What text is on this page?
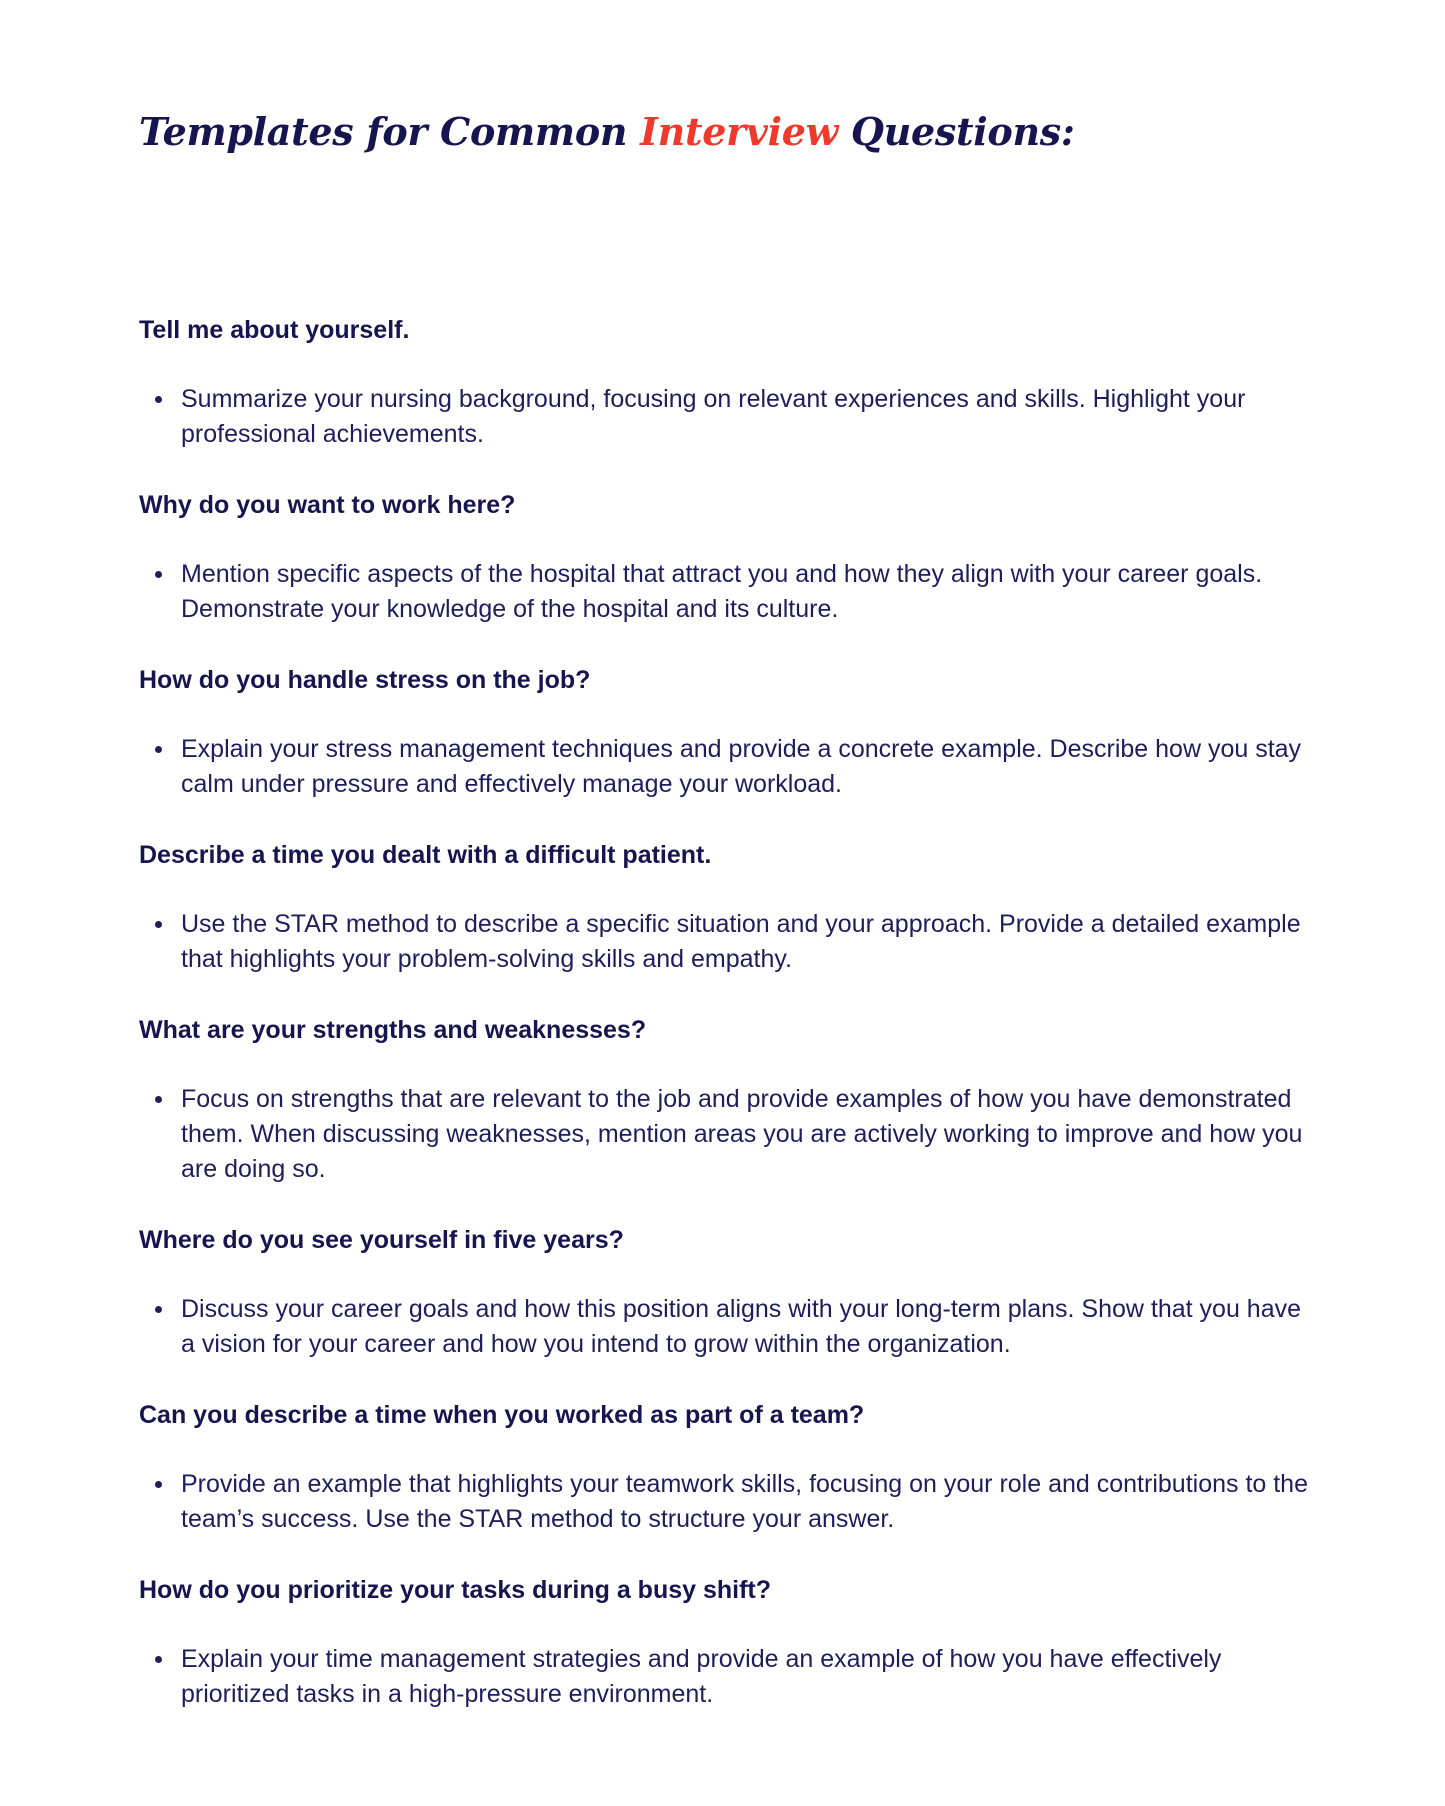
Templates for Common Interview Questions:
Tell me about yourself.
Summarize your nursing background, focusing on relevant experiences and skills. Highlight your professional achievements.
Why do you want to work here?
Mention specific aspects of the hospital that attract you and how they align with your career goals. Demonstrate your knowledge of the hospital and its culture.
How do you handle stress on the job?
Explain your stress management techniques and provide a concrete example. Describe how you stay calm under pressure and effectively manage your workload.
Describe a time you dealt with a difficult patient.
Use the STAR method to describe a specific situation and your approach. Provide a detailed example that highlights your problem-solving skills and empathy.
What are your strengths and weaknesses?
Focus on strengths that are relevant to the job and provide examples of how you have demonstrated them. When discussing weaknesses, mention areas you are actively working to improve and how you are doing so.
Where do you see yourself in five years?
Discuss your career goals and how this position aligns with your long-term plans. Show that you have a vision for your career and how you intend to grow within the organization.
Can you describe a time when you worked as part of a team?
Provide an example that highlights your teamwork skills, focusing on your role and contributions to the team’s success. Use the STAR method to structure your answer.
How do you prioritize your tasks during a busy shift?
Explain your time management strategies and provide an example of how you have effectively prioritized tasks in a high-pressure environment.
